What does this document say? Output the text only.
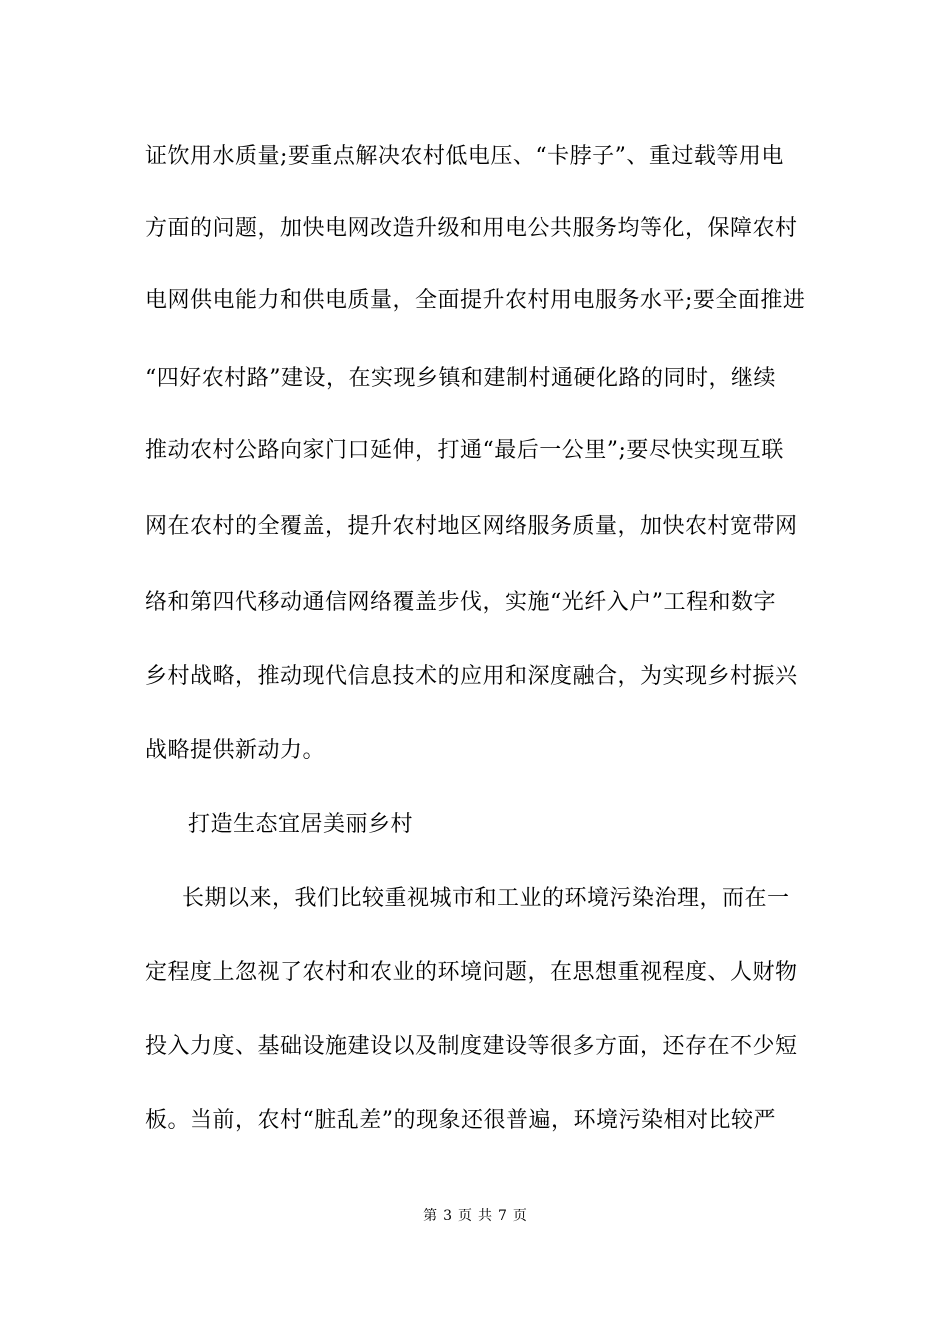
证饮用水质量;要重点解决农村低电压、“卡脖子”、重过载等用电
方面的问题，加快电网改造升级和用电公共服务均等化，保障农村
电网供电能力和供电质量，全面提升农村用电服务水平;要全面推进
“四好农村路”建设，在实现乡镇和建制村通硬化路的同时，继续
推动农村公路向家门口延伸，打通“最后一公里”;要尽快实现互联
网在农村的全覆盖，提升农村地区网络服务质量，加快农村宽带网
络和第四代移动通信网络覆盖步伐，实施“光纤入户”工程和数字
乡村战略，推动现代信息技术的应用和深度融合，为实现乡村振兴
战略提供新动力。
打造生态宜居美丽乡村
长期以来，我们比较重视城市和工业的环境污染治理，而在一
定程度上忽视了农村和农业的环境问题，在思想重视程度、人财物
投入力度、基础设施建设以及制度建设等很多方面，还存在不少短
板。当前，农村“脏乱差”的现象还很普遍，环境污染相对比较严
第 3 页 共 7 页
